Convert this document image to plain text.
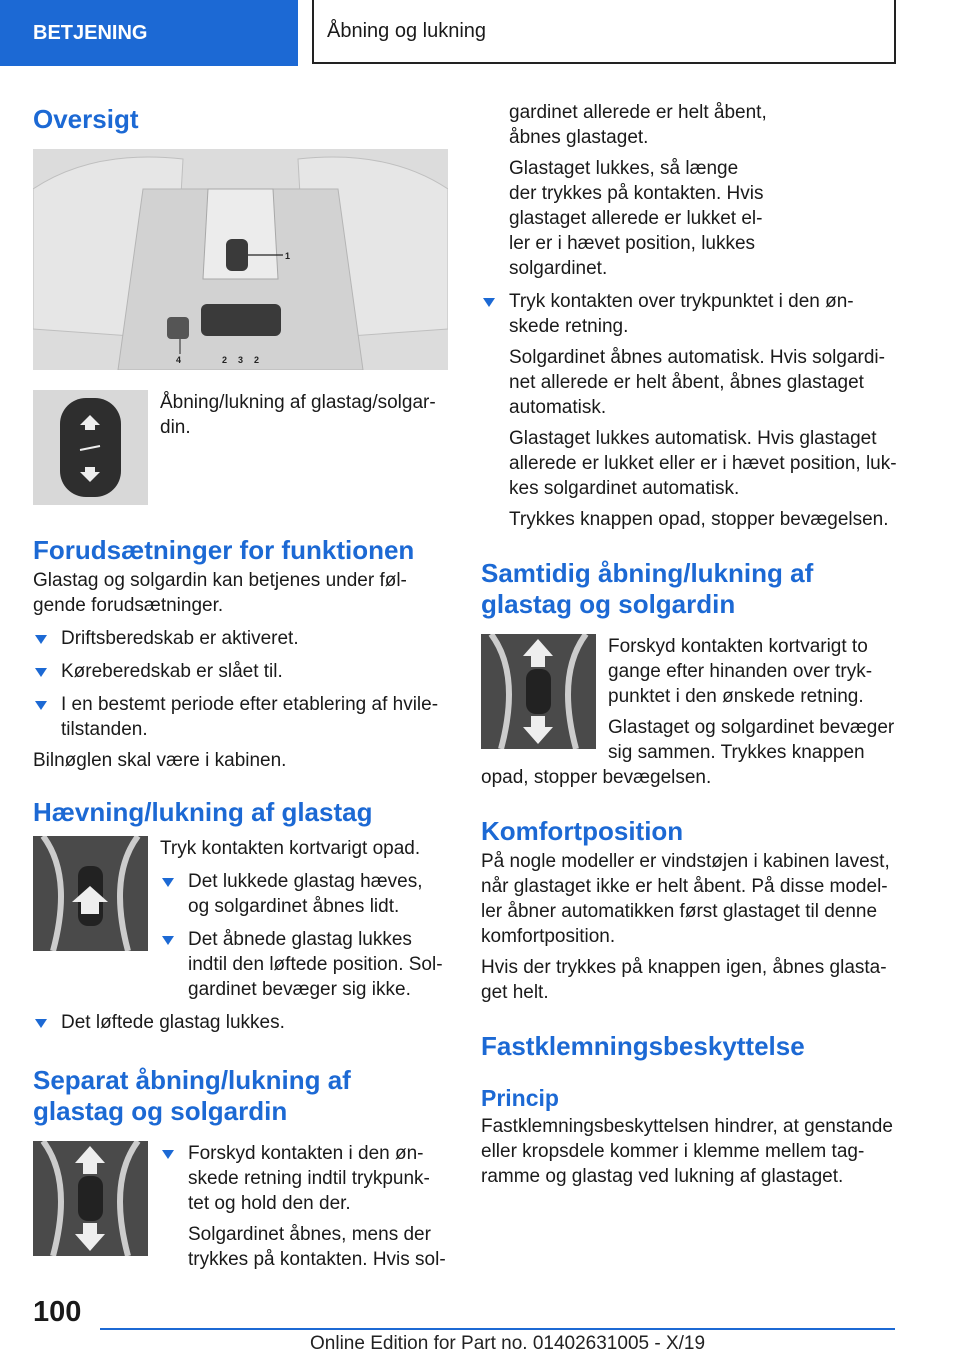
BETJENING	Åbning og lukning
Oversigt
1
4	2 3 2

Åbning/lukning af glastag/solgar-din.

Forudsætninger for funktionen

Glastag og solgardin kan betjenes under føl-gende forudsætninger.

Driftsberedskab er aktiveret.
Køreberedskab er slået til.
I en bestemt periode efter etablering af hvile-tilstanden.

Bilnøglen skal være i kabinen.

Hævning/lukning af glastag

Tryk kontakten kortvarigt opad.

Det lukkede glastag hæves, og solgardinet åbnes lidt.
Det åbnede glastag lukkes indtil den løftede position. Sol-gardinet bevæger sig ikke.
Det løftede glastag lukkes.
Separat åbning/lukning af glastag og solgardin
Forskyd kontakten i den øn-skede retning indtil trykpunk-tet og hold den der.

Solgardinet åbnes, mens der trykkes på kontakten. Hvis sol-

gardinet allerede er helt åbent, åbnes glastaget.

Glastaget lukkes, så længe der trykkes på kontakten. Hvis glastaget allerede er lukket el-ler er i hævet position, lukkes solgardinet.

Tryk kontakten over trykpunktet i den øn-skede retning.

Solgardinet åbnes automatisk. Hvis solgardi-net allerede er helt åbent, åbnes glastaget automatisk.

Glastaget lukkes automatisk. Hvis glastaget allerede er lukket eller er i hævet position, luk-kes solgardinet automatisk.

Trykkes knappen opad, stopper bevægelsen.

Samtidig åbning/lukning af glastag og solgardin

Forskyd kontakten kortvarigt to gange efter hinanden over tryk-punktet i den ønskede retning.

Glastaget og solgardinet bevæger sig sammen. Trykkes knappen

opad, stopper bevægelsen.

Komfortposition

På nogle modeller er vindstøjen i kabinen lavest, når glastaget ikke er helt åbent. På disse model-ler åbner automatikken først glastaget til denne komfortposition.

Hvis der trykkes på knappen igen, åbnes glasta-get helt.

Fastklemningsbeskyttelse
Princip

Fastklemningsbeskyttelsen hindrer, at genstande eller kropsdele kommer i klemme mellem tag-ramme og glastag ved lukning af glastaget.

100
Online Edition for Part no. 01402631005 - X/19
